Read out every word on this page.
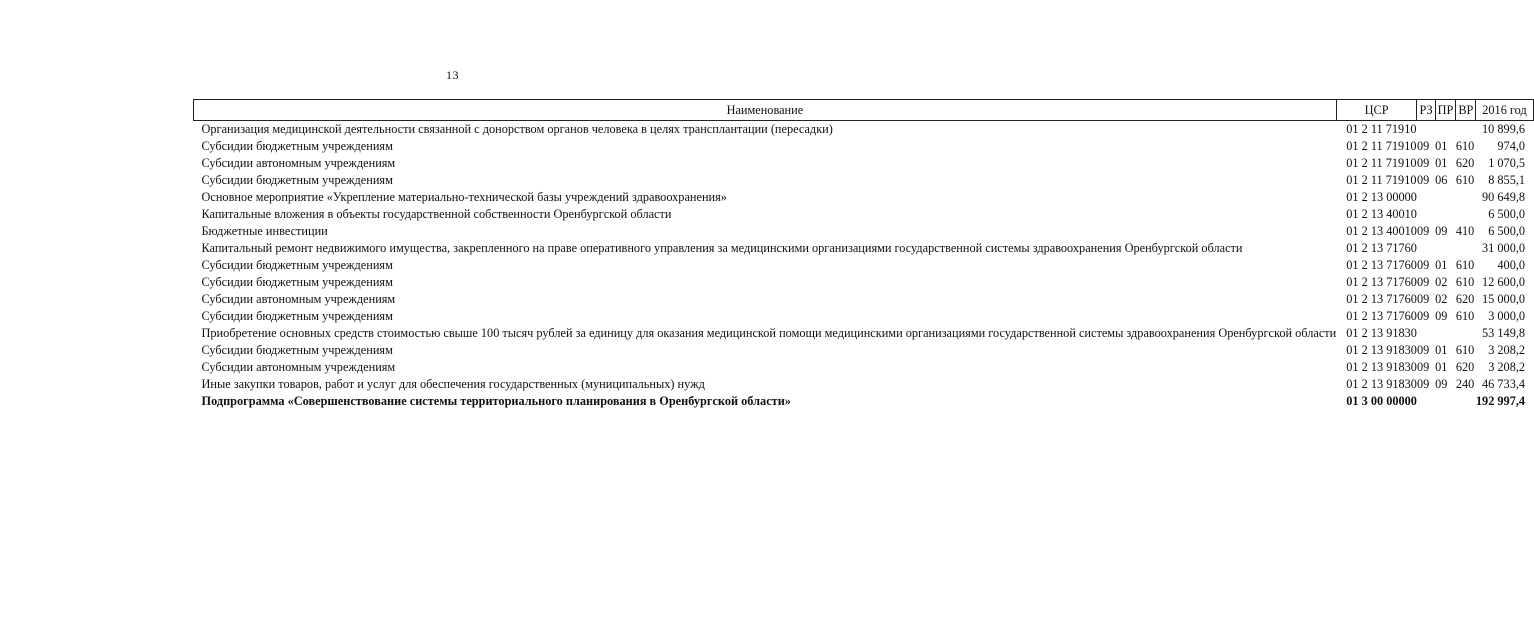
13
Наименование	ЦСР	РЗ	ПР	ВР	2016 год
Организация медицинской деятельности связанной с донорством органов человека в целях трансплантации (пересадки)	01 2 11 71910				10 899,6
Субсидии бюджетным учреждениям	01 2 11 71910	09	01	610	974,0
Субсидии автономным учреждениям	01 2 11 71910	09	01	620	1 070,5
Субсидии бюджетным учреждениям	01 2 11 71910	09	06	610	8 855,1
Основное мероприятие «Укрепление материально-технической базы учреждений здравоохранения»	01 2 13 00000				90 649,8
Капитальные вложения в объекты государственной собственности Оренбургской области	01 2 13 40010				6 500,0
Бюджетные инвестиции	01 2 13 40010	09	09	410	6 500,0
Капитальный ремонт недвижимого имущества, закрепленного на праве оперативного управления за медицинскими организациями государственной системы здравоохранения Оренбургской области	01 2 13 71760				31 000,0
Субсидии бюджетным учреждениям	01 2 13 71760	09	01	610	400,0
Субсидии бюджетным учреждениям	01 2 13 71760	09	02	610	12 600,0
Субсидии автономным учреждениям	01 2 13 71760	09	02	620	15 000,0
Субсидии бюджетным учреждениям	01 2 13 71760	09	09	610	3 000,0
Приобретение основных средств стоимостью свыше 100 тысяч рублей за единицу для оказания медицинской помощи медицинскими организациями государственной системы здравоохранения Оренбургской области	01 2 13 91830				53 149,8
Субсидии бюджетным учреждениям	01 2 13 91830	09	01	610	3 208,2
Субсидии автономным учреждениям	01 2 13 91830	09	01	620	3 208,2
Иные закупки товаров, работ и услуг для обеспечения государственных (муниципальных) нужд	01 2 13 91830	09	09	240	46 733,4
Подпрограмма «Совершенствование системы территориального планирования в Оренбургской области»	01 3 00 00000				192 997,4
